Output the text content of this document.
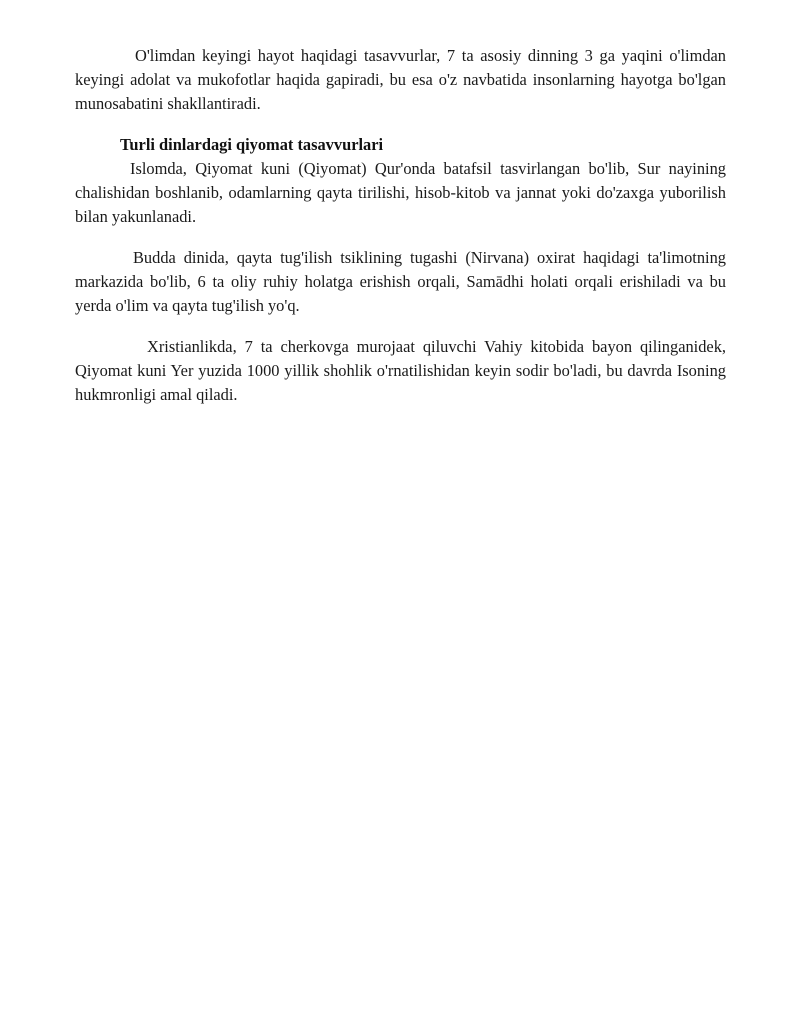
O'limdan keyingi hayot haqidagi tasavvurlar, 7 ta asosiy dinning 3 ga yaqini o'limdan keyingi adolat va mukofotlar haqida gapiradi, bu esa o'z navbatida insonlarning hayotga bo'lgan munosabatini shakllantiradi.

Turli dinlardagi qiyomat tasavvurlari

Islomda, Qiyomat kuni (Qiyomat) Qur'onda batafsil tasvirlangan bo'lib, Sur nayining chalishidan boshlanib, odamlarning qayta tirilishi, hisob-kitob va jannat yoki do'zaxga yuborilish bilan yakunlanadi.

Budda dinida, qayta tug'ilish tsiklining tugashi (Nirvana) oxirat haqidagi ta'limotning markazida bo'lib, 6 ta oliy ruhiy holatga erishish orqali, Samādhi holati orqali erishiladi va bu yerda o'lim va qayta tug'ilish yo'q.

Xristianlikda, 7 ta cherkovga murojaat qiluvchi Vahiy kitobida bayon qilinganidek, Qiyomat kuni Yer yuzida 1000 yillik shohlik o'rnatilishidan keyin sodir bo'ladi, bu davrda Isoning hukmronligi amal qiladi.
